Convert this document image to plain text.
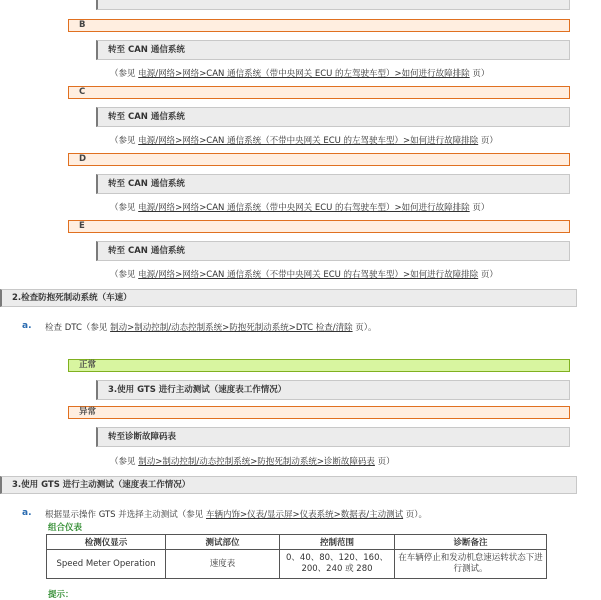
B
转至 CAN 通信系统
（参见 电源/网络>网络>CAN 通信系统（带中央网关 ECU 的左驾驶车型）>如何进行故障排除 页）
C
转至 CAN 通信系统
（参见 电源/网络>网络>CAN 通信系统（不带中央网关 ECU 的左驾驶车型）>如何进行故障排除 页）
D
转至 CAN 通信系统
（参见 电源/网络>网络>CAN 通信系统（带中央网关 ECU 的右驾驶车型）>如何进行故障排除 页）
E
转至 CAN 通信系统
（参见 电源/网络>网络>CAN 通信系统（不带中央网关 ECU 的右驾驶车型）>如何进行故障排除 页）
2.检查防抱死制动系统（车速）
a. 检查 DTC（参见 制动>制动控制/动态控制系统>防抱死制动系统>DTC 检查/清除 页）。
正常
3.使用 GTS 进行主动测试（速度表工作情况）
异常
转至诊断故障码表
（参见 制动>制动控制/动态控制系统>防抱死制动系统>诊断故障码表 页）
3.使用 GTS 进行主动测试（速度表工作情况）
a. 根据显示操作 GTS 并选择主动测试（参见 车辆内饰>仪表/显示屏>仪表系统>数据表/主动测试 页）。
组合仪表
检测仪显示	测试部位	控制范围	诊断备注
Speed Meter Operation	速度表	0、40、80、120、160、200、240 或 280	在车辆停止和发动机怠速运转状态下进行测试。
提示：
